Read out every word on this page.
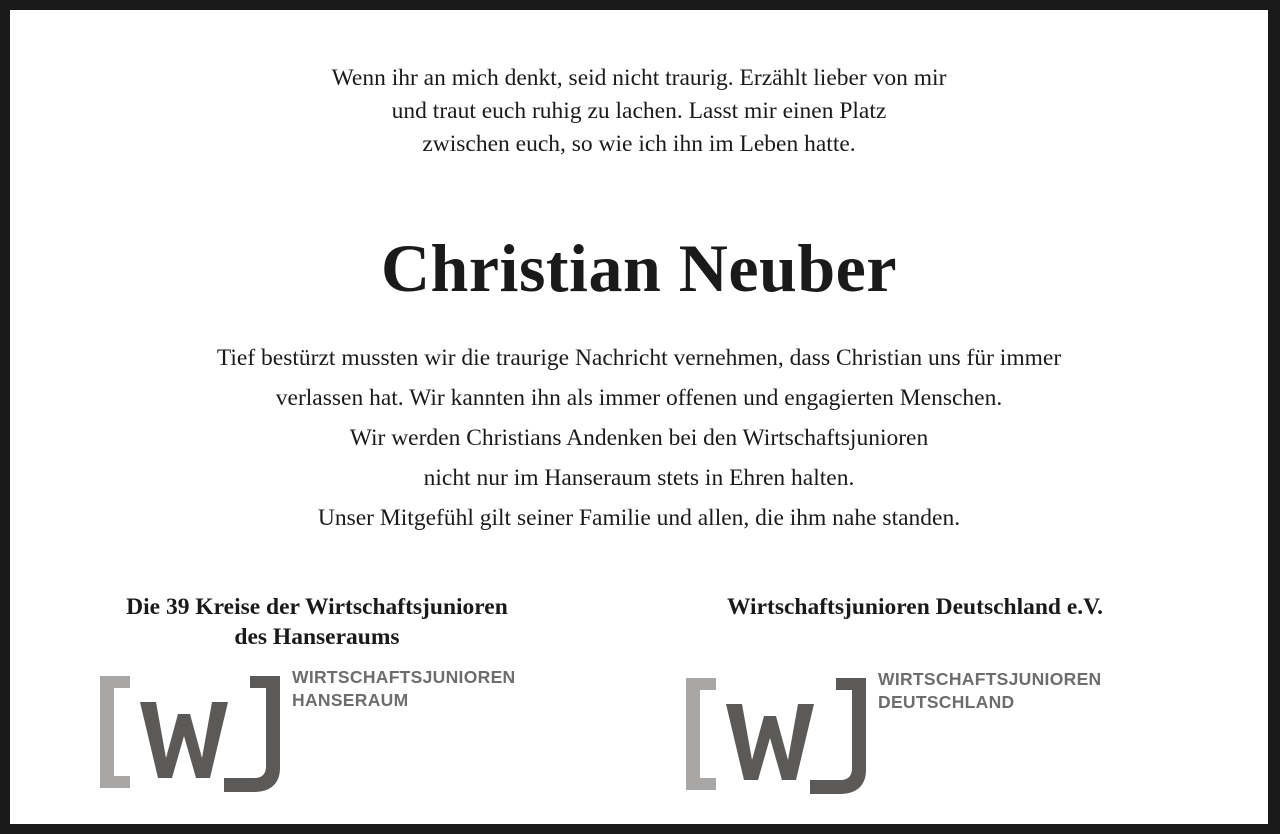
Wenn ihr an mich denkt, seid nicht traurig. Erzählt lieber von mir
und traut euch ruhig zu lachen. Lasst mir einen Platz
zwischen euch, so wie ich ihn im Leben hatte.
Christian Neuber
Tief bestürzt mussten wir die traurige Nachricht vernehmen, dass Christian uns für immer
verlassen hat. Wir kannten ihn als immer offenen und engagierten Menschen.
Wir werden Christians Andenken bei den Wirtschaftsjunioren
nicht nur im Hanseraum stets in Ehren halten.
Unser Mitgefühl gilt seiner Familie und allen, die ihm nahe standen.
Die 39 Kreise der Wirtschaftsjunioren
des Hanseraums
Wirtschaftsjunioren Deutschland e.V.
WIRTSCHAFTSJUNIOREN
HANSERAUM
WIRTSCHAFTSJUNIOREN
DEUTSCHLAND
